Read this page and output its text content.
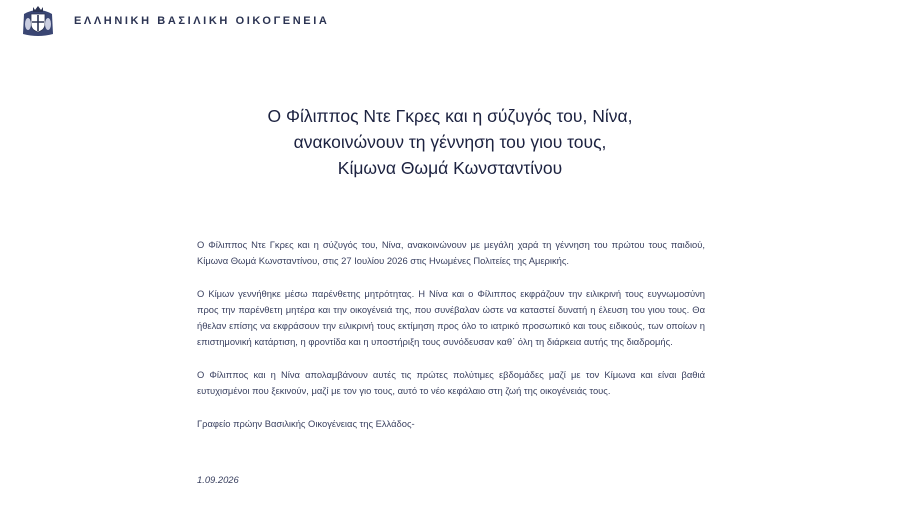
ΕΛΛΗΝΙΚΗ ΒΑΣΙΛΙΚΗ ΟΙΚΟΓΕΝΕΙΑ
Ο Φίλιππος Ντε Γκρες και η σύζυγός του, Νίνα,
ανακοινώνουν τη γέννηση του γιου τους,
Κίμωνα Θωμά Κωνσταντίνου

Ο Φίλιππος Ντε Γκρες και η σύζυγός του, Νίνα, ανακοινώνουν με μεγάλη χαρά τη γέννηση του πρώτου τους παιδιού, Κίμωνα Θωμά Κωνσταντίνου, στις 27 Ιουλίου 2026 στις Ηνωμένες Πολιτείες της Αμερικής.

Ο Κίμων γεννήθηκε μέσω παρένθετης μητρότητας. Η Νίνα και ο Φίλιππος εκφράζουν την ειλικρινή τους ευγνωμοσύνη προς την παρένθετη μητέρα και την οικογένειά της, που συνέβαλαν ώστε να καταστεί δυνατή η έλευση του γιου τους. Θα ήθελαν επίσης να εκφράσουν την ειλικρινή τους εκτίμηση προς όλο το ιατρικό προσωπικό και τους ειδικούς, των οποίων η επιστημονική κατάρτιση, η φροντίδα και η υποστήριξη τους συνόδευσαν καθ΄ όλη τη διάρκεια αυτής της διαδρομής.

Ο Φίλιππος και η Νίνα απολαμβάνουν αυτές τις πρώτες πολύτιμες εβδομάδες μαζί με τον Κίμωνα και είναι βαθιά ευτυχισμένοι που ξεκινούν, μαζί με τον γιο τους, αυτό το νέο κεφάλαιο στη ζωή της οικογένειάς τους.

Γραφείο πρώην Βασιλικής Οικογένειας της Ελλάδος-

1.09.2026
